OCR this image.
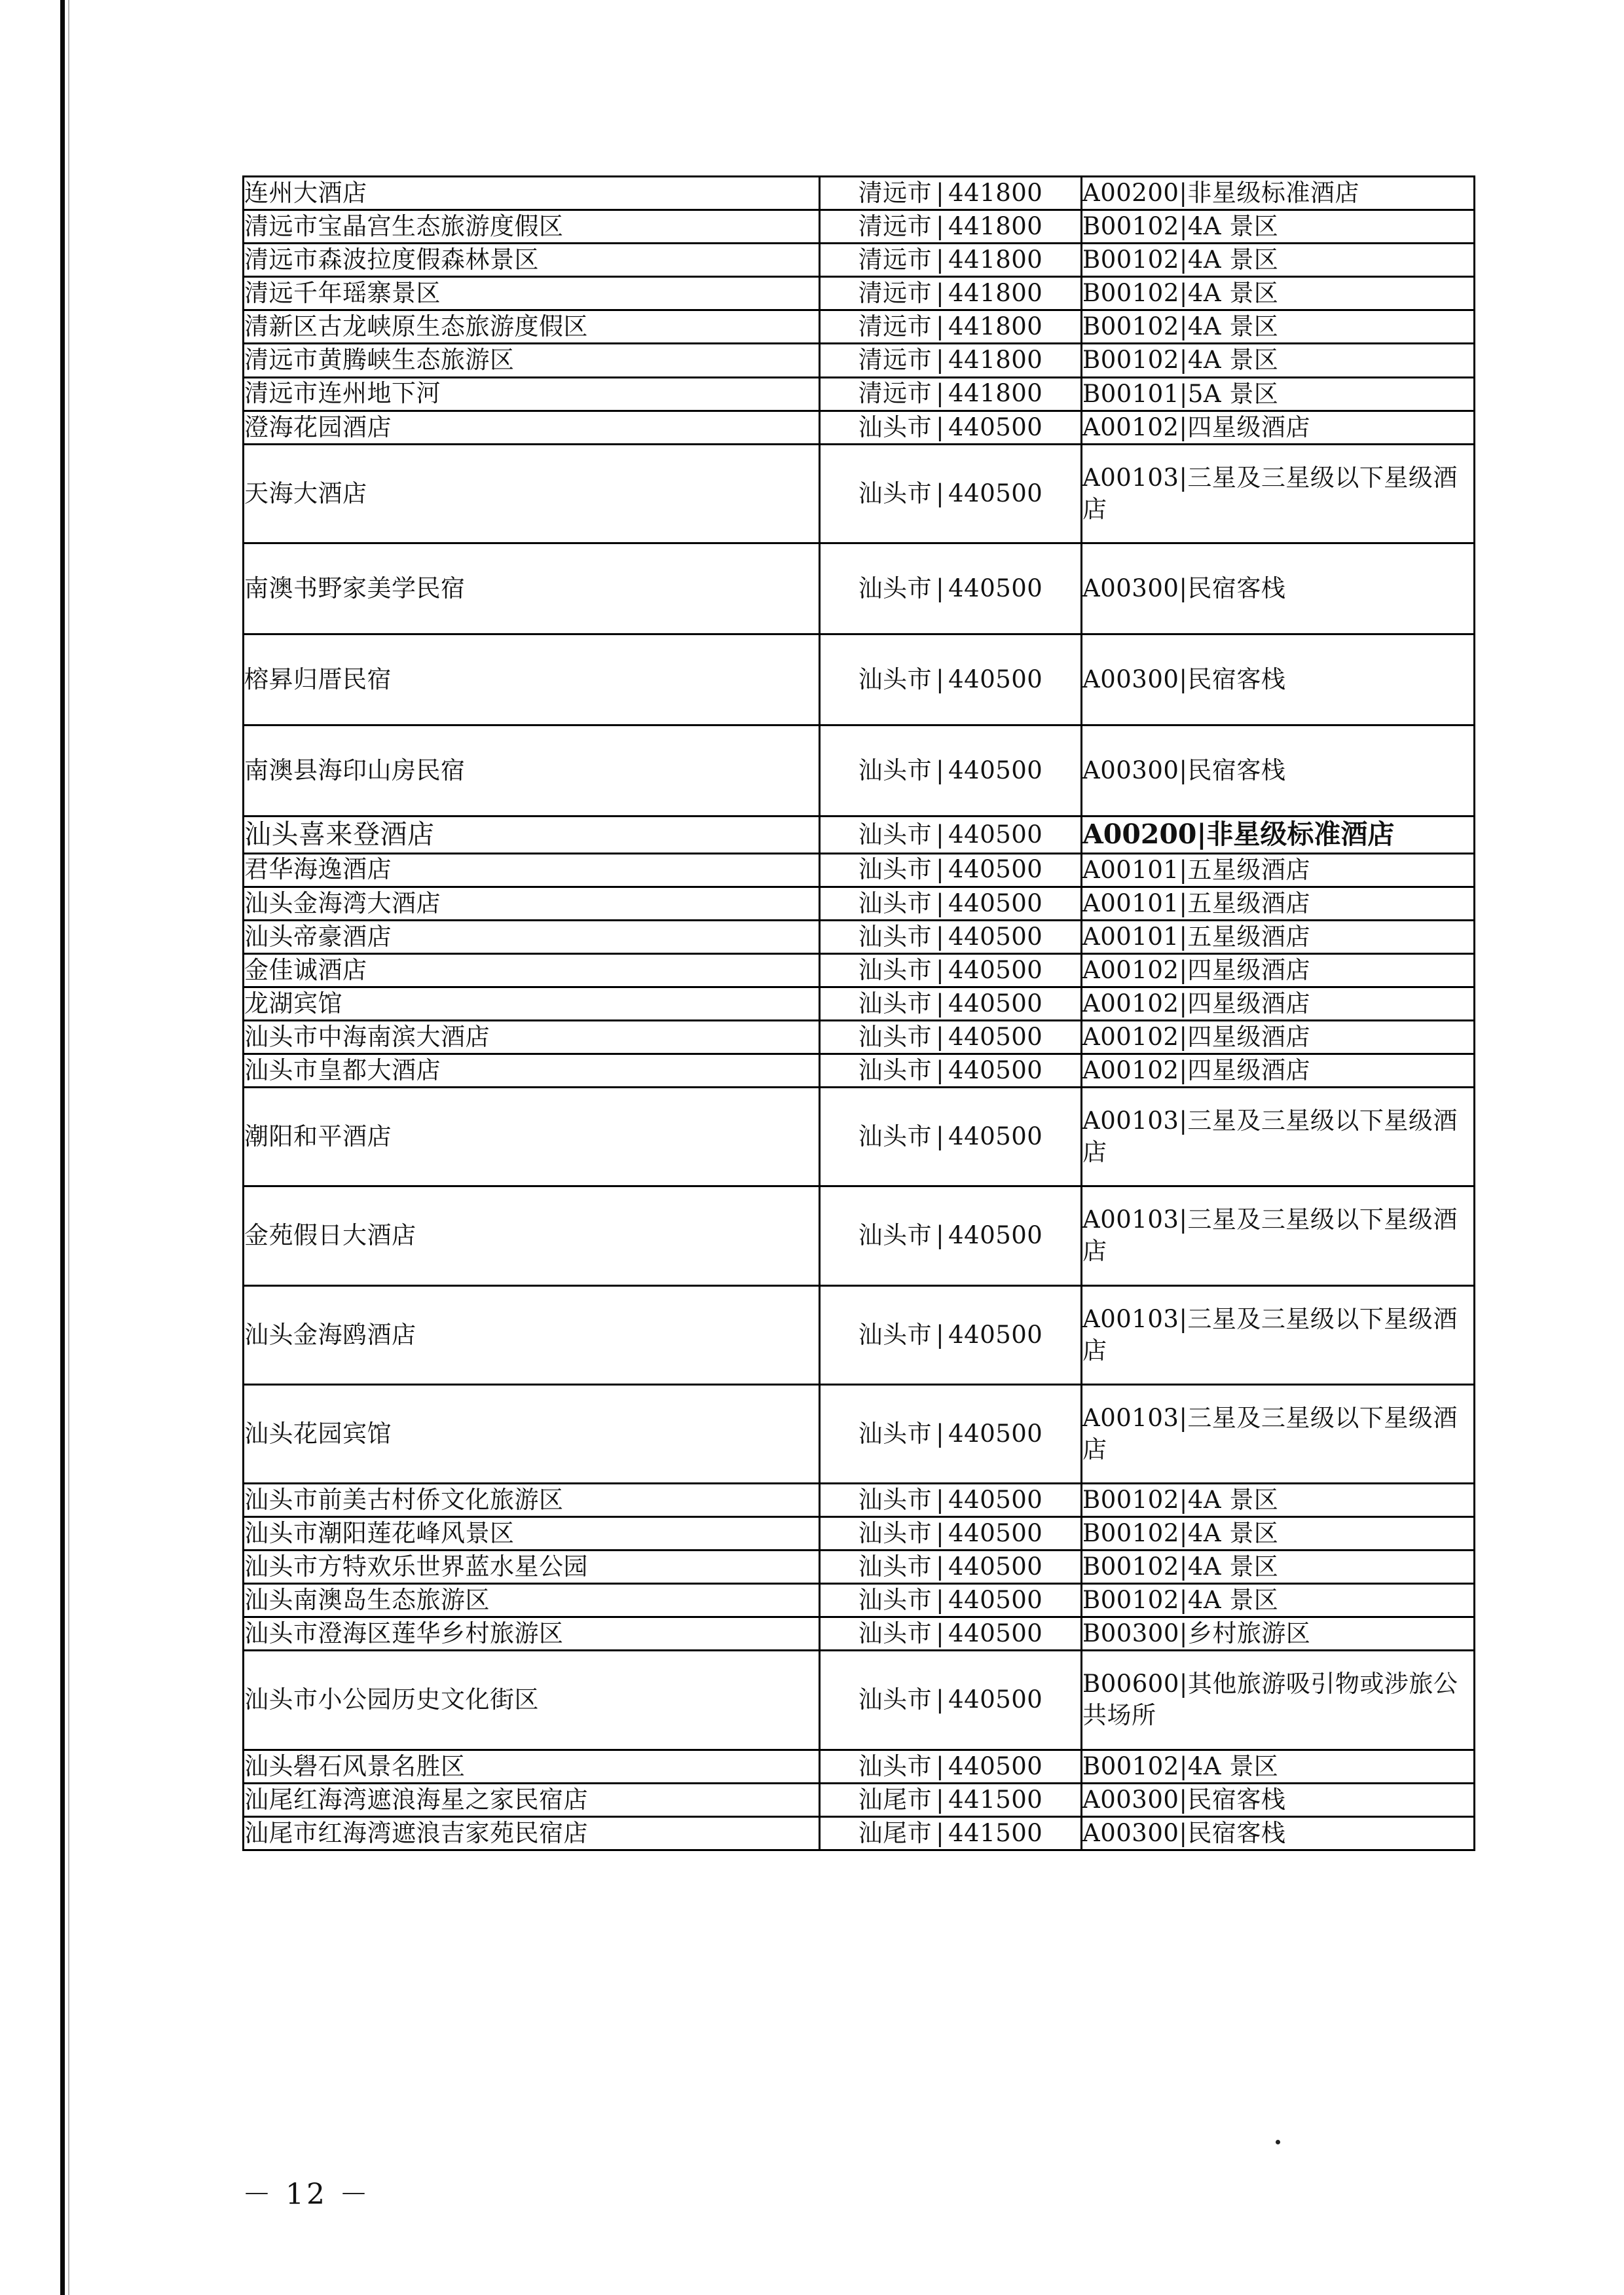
连州大酒店	清远市 | 441800	A00200|非星级标准酒店

清远市宝晶宫生态旅游度假区	清远市 | 441800	B00102|4A 景区

清远市森波拉度假森林景区	清远市 | 441800	B00102|4A 景区

清远千年瑶寨景区	清远市 | 441800	B00102|4A 景区

清新区古龙峡原生态旅游度假区	清远市 | 441800	B00102|4A 景区

清远市黄腾峡生态旅游区	清远市 | 441800	B00102|4A 景区

清远市连州地下河	清远市 | 441800	B00101|5A 景区

澄海花园酒店	汕头市 | 440500	A00102|四星级酒店

天海大酒店	汕头市 | 440500	A00103|三星及三星级以下星级酒店

南澳书野家美学民宿	汕头市 | 440500	A00300|民宿客栈

榕昪归厝民宿	汕头市 | 440500	A00300|民宿客栈

南澳县海印山房民宿	汕头市 | 440500	A00300|民宿客栈

汕头喜来登酒店	汕头市 | 440500	A00200|非星级标准酒店

君华海逸酒店	汕头市 | 440500	A00101|五星级酒店

汕头金海湾大酒店	汕头市 | 440500	A00101|五星级酒店

汕头帝豪酒店	汕头市 | 440500	A00101|五星级酒店

金佳诚酒店	汕头市 | 440500	A00102|四星级酒店

龙湖宾馆	汕头市 | 440500	A00102|四星级酒店

汕头市中海南滨大酒店	汕头市 | 440500	A00102|四星级酒店

汕头市皇都大酒店	汕头市 | 440500	A00102|四星级酒店

潮阳和平酒店	汕头市 | 440500	A00103|三星及三星级以下星级酒店

金苑假日大酒店	汕头市 | 440500	A00103|三星及三星级以下星级酒店

汕头金海鸥酒店	汕头市 | 440500	A00103|三星及三星级以下星级酒店

汕头花园宾馆	汕头市 | 440500	A00103|三星及三星级以下星级酒店

汕头市前美古村侨文化旅游区	汕头市 | 440500	B00102|4A 景区

汕头市潮阳莲花峰风景区	汕头市 | 440500	B00102|4A 景区

汕头市方特欢乐世界蓝水星公园	汕头市 | 440500	B00102|4A 景区

汕头南澳岛生态旅游区	汕头市 | 440500	B00102|4A 景区

汕头市澄海区莲华乡村旅游区	汕头市 | 440500	B00300|乡村旅游区

汕头市小公园历史文化街区	汕头市 | 440500	B00600|其他旅游吸引物或涉旅公共场所

汕头礐石风景名胜区	汕头市 | 440500	B00102|4A 景区

汕尾红海湾遮浪海星之家民宿店	汕尾市 | 441500	A00300|民宿客栈

汕尾市红海湾遮浪吉家苑民宿店	汕尾市 | 441500	A00300|民宿客栈
－ 12 －
